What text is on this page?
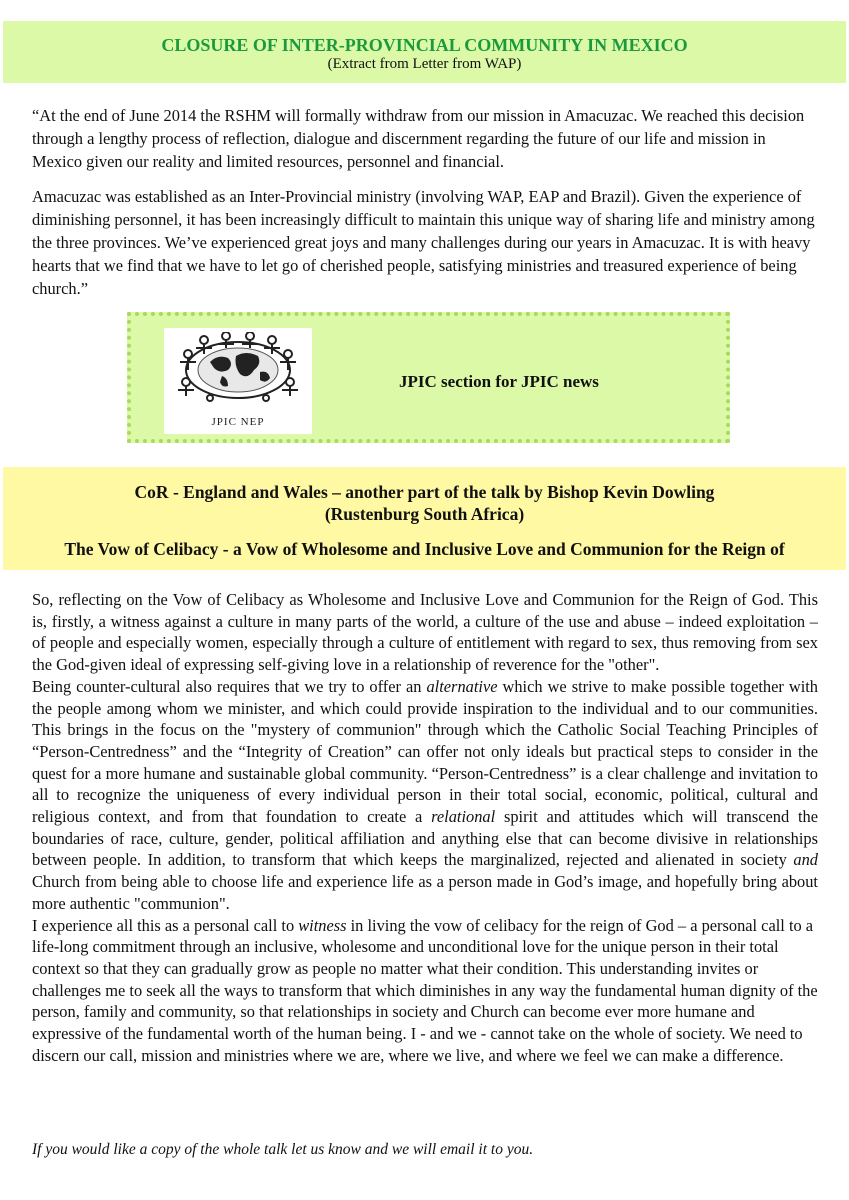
CLOSURE OF INTER-PROVINCIAL COMMUNITY IN MEXICO
(Extract from Letter from WAP)

“At the end of June 2014 the RSHM will formally withdraw from our mission in Amacuzac. We reached this decision through a lengthy process of reflection, dialogue and discernment regarding the future of our life and mission in Mexico given our reality and limited resources, personnel and financial.

Amacuzac was established as an Inter-Provincial ministry (involving WAP, EAP and Brazil). Given the experience of diminishing personnel, it has been increasingly difficult to maintain this unique way of sharing life and ministry among the three provinces. We’ve experienced great joys and many challenges during our years in Amacuzac. It is with heavy hearts that we find that we have to let go of cherished people, satisfying ministries and treasured experience of being church.”

JPIC NEP
JPIC section for JPIC news
CoR - England and Wales – another part of the talk by Bishop Kevin Dowling
(Rustenburg South Africa)
The Vow of Celibacy - a Vow of Wholesome and Inclusive Love and Communion for the Reign of

So, reflecting on the Vow of Celibacy as Wholesome and Inclusive Love and Communion for the Reign of God. This is, firstly, a witness against a culture in many parts of the world, a culture of the use and abuse – indeed exploitation – of people and especially women, especially through a culture of entitlement with regard to sex, thus removing from sex the God-given ideal of expressing self-giving love in a relationship of reverence for the "other".

Being counter-cultural also requires that we try to offer an alternative which we strive to make possible together with the people among whom we minister, and which could provide inspiration to the individual and to our communities. This brings in the focus on the "mystery of communion" through which the Catholic Social Teaching Principles of “Person-Centredness” and the “Integrity of Creation” can offer not only ideals but practical steps to consider in the quest for a more humane and sustainable global community. “Person-Centredness” is a clear challenge and invitation to all to recognize the uniqueness of every individual person in their total social, economic, political, cultural and religious context, and from that foundation to create a relational spirit and attitudes which will transcend the boundaries of race, culture, gender, political affiliation and anything else that can become divisive in relationships between people. In addition, to transform that which keeps the marginalized, rejected and alienated in society and Church from being able to choose life and experience life as a person made in God’s image, and hopefully bring about more authentic "communion".

I experience all this as a personal call to witness in living the vow of celibacy for the reign of God – a personal call to a life-long commitment through an inclusive, wholesome and unconditional love for the unique person in their total context so that they can gradually grow as people no matter what their condition. This understanding invites or challenges me to seek all the ways to transform that which diminishes in any way the fundamental human dignity of the person, family and community, so that relationships in society and Church can become ever more humane and expressive of the fundamental worth of the human being. I - and we - cannot take on the whole of society. We need to discern our call, mission and ministries where we are, where we live, and where we feel we can make a difference.

If you would like a copy of the whole talk let us know and we will email it to you.
